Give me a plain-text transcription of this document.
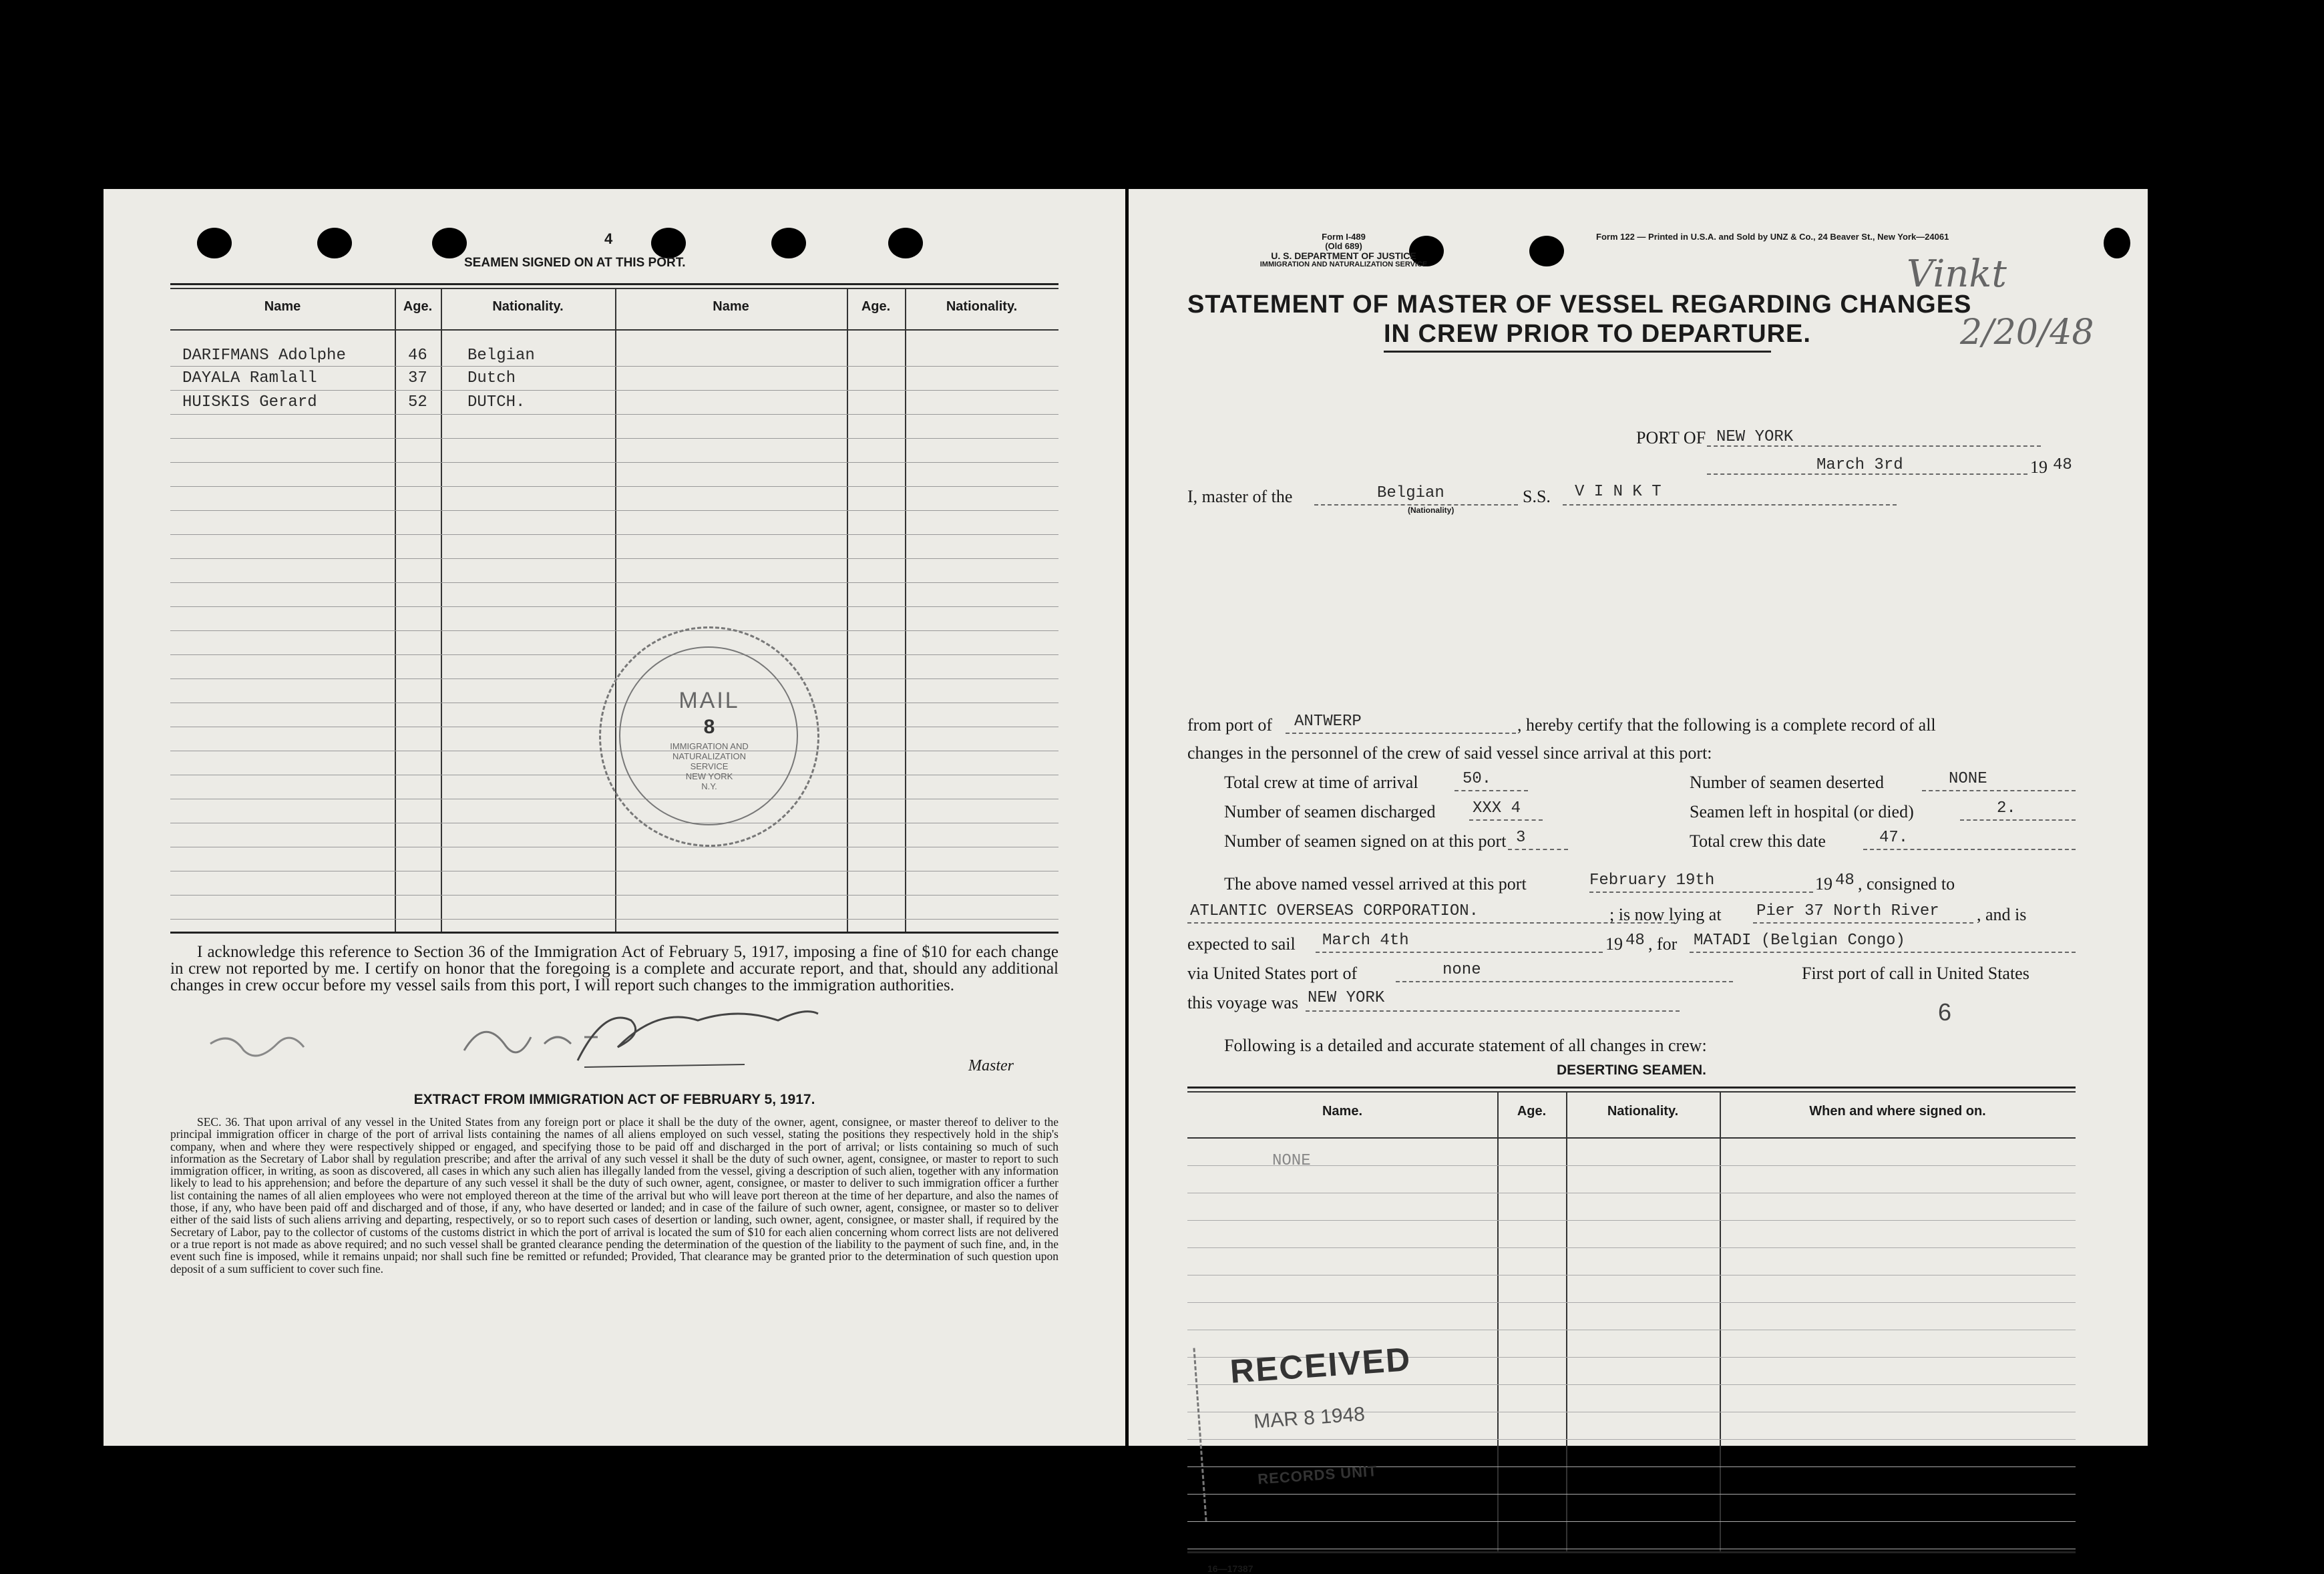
4
SEAMEN SIGNED ON AT THIS PORT.
Name	Age.	Nationality.	Name	Age.	Nationality.
DARIFMANS Adolphe	46	Belgian
DAYALA Ramlall	37	Dutch
HUISKIS Gerard	52	DUTCH.
MAIL
8
IMMIGRATION AND
NATURALIZATION
SERVICE
NEW YORK
N.Y.
I acknowledge this reference to Section 36 of the Immigration Act of February 5, 1917, imposing a fine of $10 for each change in crew not reported by me. I certify on honor that the foregoing is a complete and accurate report, and that, should any additional changes in crew occur before my vessel sails from this port, I will report such changes to the immigration authorities.
Master
EXTRACT FROM IMMIGRATION ACT OF FEBRUARY 5, 1917.
SEC. 36. That upon arrival of any vessel in the United States from any foreign port or place it shall be the duty of the owner, agent, consignee, or master thereof to deliver to the principal immigration officer in charge of the port of arrival lists containing the names of all aliens employed on such vessel, stating the positions they respectively hold in the ship's company, when and where they were respectively shipped or engaged, and specifying those to be paid off and discharged in the port of arrival; or lists containing so much of such information as the Secretary of Labor shall by regulation prescribe; and after the arrival of any such vessel it shall be the duty of such owner, agent, consignee, or master to report to such immigration officer, in writing, as soon as discovered, all cases in which any such alien has illegally landed from the vessel, giving a description of such alien, together with any information likely to lead to his apprehension; and before the departure of any such vessel it shall be the duty of such owner, agent, consignee, or master to deliver to such immigration officer a further list containing the names of all alien employees who were not employed thereon at the time of the arrival but who will leave port thereon at the time of her departure, and also the names of those, if any, who have been paid off and discharged and of those, if any, who have deserted or landed; and in case of the failure of such owner, agent, consignee, or master so to deliver either of the said lists of such aliens arriving and departing, respectively, or so to report such cases of desertion or landing, such owner, agent, consignee, or master shall, if required by the Secretary of Labor, pay to the collector of customs of the customs district in which the port of arrival is located the sum of $10 for each alien concerning whom correct lists are not delivered or a true report is not made as above required; and no such vessel shall be granted clearance pending the determination of the question of the liability to the payment of such fine, and, in the event such fine is imposed, while it remains unpaid; nor shall such fine be remitted or refunded; Provided, That clearance may be granted prior to the determination of such question upon deposit of a sum sufficient to cover such fine.
Form I-489
(Old 689)
U. S. DEPARTMENT OF JUSTICE
IMMIGRATION AND NATURALIZATION SERVICE
Form 122 — Printed in U.S.A. and Sold by UNZ & Co., 24 Beaver St., New York—24061
Vinkt
2/20/48
STATEMENT OF MASTER OF VESSEL REGARDING CHANGES
IN CREW PRIOR TO DEPARTURE.
PORT OF NEW YORK
March 3rd	19 48
I, master of the	Belgian
(Nationality)
S.S. V I N K T
from port of ANTWERP	, hereby certify that the following is a complete record of all
changes in the personnel of the crew of said vessel since arrival at this port:
Total crew at time of arrival	50.	Number of seamen deserted	NONE
Number of seamen discharged XXX 4	Seamen left in hospital (or died)	2.
Number of seamen signed on at this port 3	Total crew this date	47.
The above named vessel arrived at this port	February 19th	19 48 , consigned to
ATLANTIC OVERSEAS CORPORATION.	; is now lying at Pier 37 North River , and is
expected to sail March 4th	19 48 , for MATADI (Belgian Congo)
via United States port of	none	First port of call in United States
this voyage was NEW YORK
6
Following is a detailed and accurate statement of all changes in crew:
DESERTING SEAMEN.
Name.	Age.	Nationality.	When and where signed on.
NONE
RECEIVED
MAR 8 1948
RECORDS UNIT
16—17387
